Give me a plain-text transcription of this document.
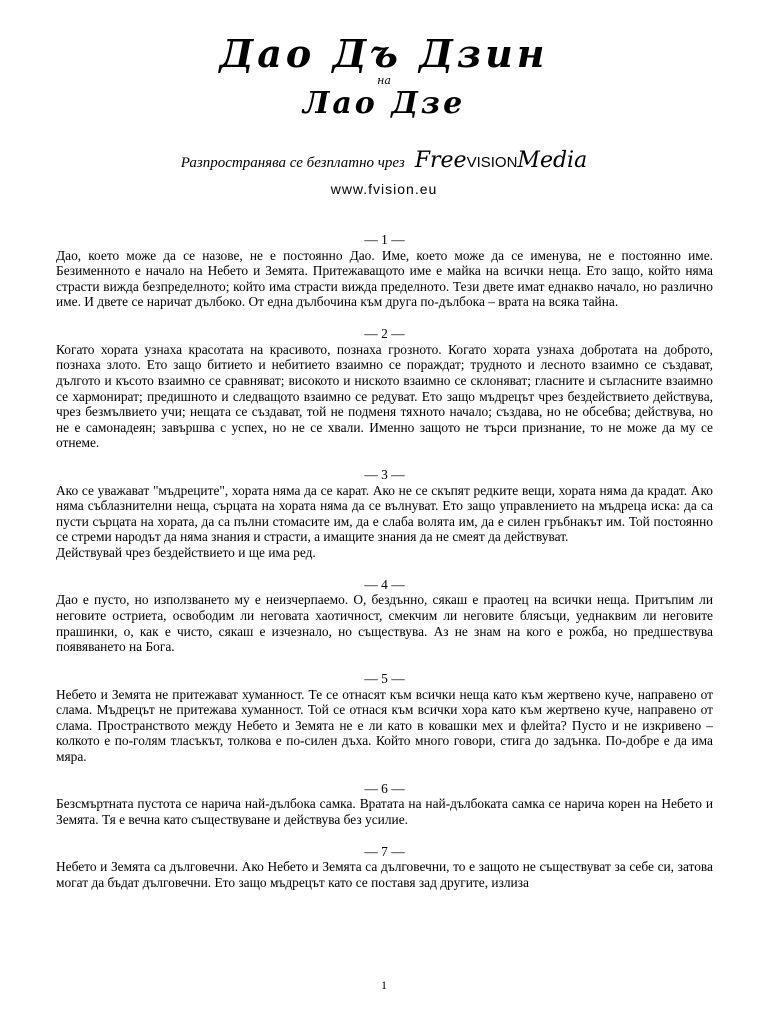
Дао Дъ Дзин
на
Лао Дзе
Разпространява се безплатно чрез FreeVISIONMedia
www.fvision.eu
— 1 —

Дао, което може да се назове, не е постоянно Дао. Име, което може да се именува, не е постоянно име. Безименното е начало на Небето и Земята. Притежаващото име е майка на всички неща. Ето защо, който няма страсти вижда безпределното; който има страсти вижда пределното. Тези двете имат еднакво начало, но различно име. И двете се наричат дълбоко. От една дълбочина към друга по-дълбока – врата на всяка тайна.

— 2 —

Когато хората узнаха красотата на красивото, познаха грозното. Когато хората узнаха добротата на доброто, познаха злото. Ето защо битието и небитието взаимно се пораждат; трудното и лесното взаимно се създават, дългото и късото взаимно се сравняват; високото и ниското взаимно се склоняват; гласните и съгласните взаимно се хармонират; предишното и следващото взаимно се редуват. Ето защо мъдрецът чрез бездействието действува, чрез безмълвието учи; нещата се създават, той не подменя тяхното начало; създава, но не обсебва; действува, но не е самонадеян; завършва с успех, но не се хвали. Именно защото не търси признание, то не може да му се отнеме.

— 3 —

Ако се уважават "мъдреците", хората няма да се карат. Ако не се скъпят редките вещи, хората няма да крадат. Ако няма съблазнителни неща, сърцата на хората няма да се вълнуват. Ето защо управлението на мъдреца иска: да са пусти сърцата на хората, да са пълни стомасите им, да е слаба волята им, да е силен гръбнакът им. Той постоянно се стреми народът да няма знания и страсти, а имащите знания да не смеят да действуват.

Действувай чрез бездействието и ще има ред.

— 4 —

Дао е пусто, но използването му е неизчерпаемо. О, бездънно, сякаш е праотец на всички неща. Притъпим ли неговите остриета, освободим ли неговата хаотичност, смекчим ли неговите блясъци, уеднаквим ли неговите прашинки, о, как е чисто, сякаш е изчезнало, но съществува. Аз не знам на кого е рожба, но предшествува появяването на Бога.

— 5 —

Небето и Земята не притежават хуманност. Те се отнасят към всички неща като към жертвено куче, направено от слама. Мъдрецът не притежава хуманност. Той се отнася към всички хора като към жертвено куче, направено от слама. Пространството между Небето и Земята не е ли като в ковашки мех и флейта? Пусто и не изкривено – колкото е по-голям тласъкът, толкова е по-силен дъха. Който много говори, стига до задънка. По-добре е да има мяра.

— 6 —

Безсмъртната пустота се нарича най-дълбока самка. Вратата на най-дълбоката самка се нарича корен на Небето и Земята. Тя е вечна като съществуване и действува без усилие.

— 7 —

Небето и Земята са дълговечни. Ако Небето и Земята са дълговечни, то е защото не съществуват за себе си, затова могат да бъдат дълговечни. Ето защо мъдрецът като се поставя зад другите, излиза

1
